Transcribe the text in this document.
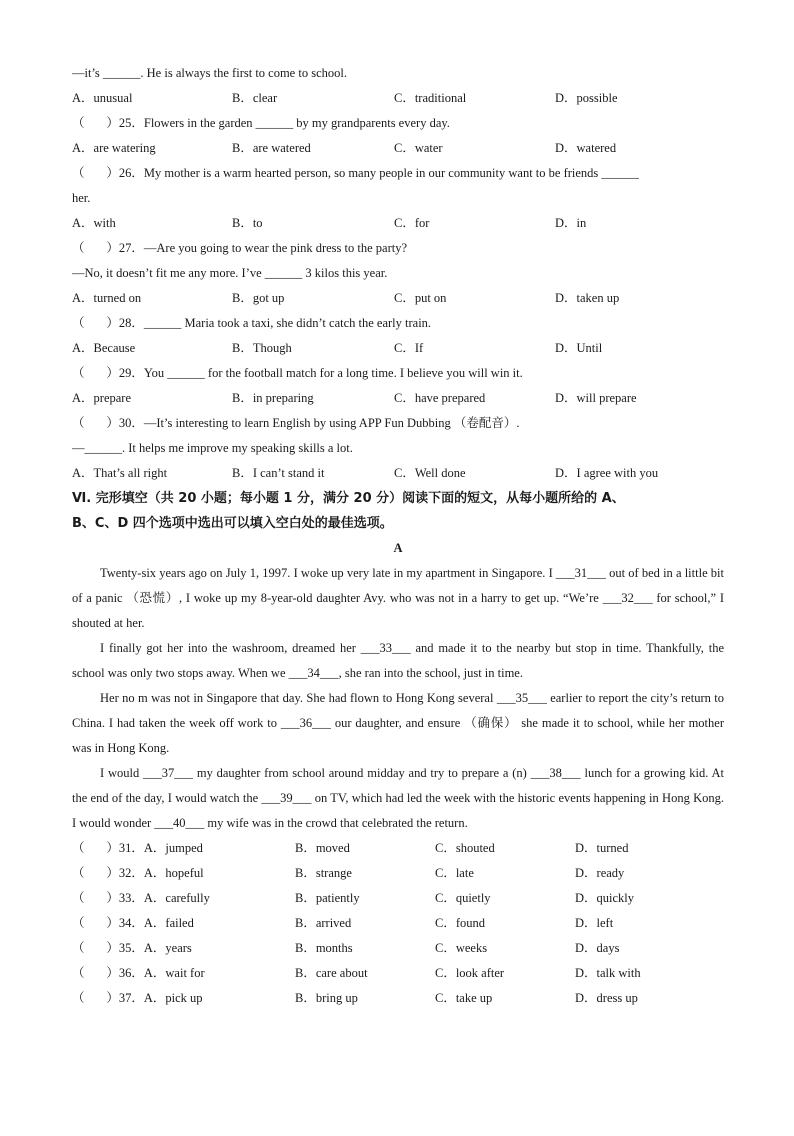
—it’s ______. He is always the first to come to school.

A．unusual

	B．clear

	C．traditional

	D．possible

（       ）25．Flowers in the garden ______ by my grandparents every day.

A．are watering

	B．are watered

	C．water

	D．watered

（       ）26．My mother is a warm hearted person, so many people in our community want to be friends ______
her.

A．with

	B．to

	C．for

	D．in

（       ）27．—Are you going to wear the pink dress to the party?
—No, it doesn’t fit me any more. I’ve ______ 3 kilos this year.

A．turned on

	B．got up

	C．put on

	D．taken up

（       ）28．______ Maria took a taxi, she didn’t catch the early train.

A．Because

	B．Though

	C．If

	D．Until

（       ）29．You ______ for the football match for a long time. I believe you will win it.

A．prepare

	B．in preparing

	C．have prepared

	D．will prepare

（       ）30．—It’s interesting to learn English by using APP Fun Dubbing （卷配音）.
—______. It helps me improve my speaking skills a lot.

A．That’s all right

	B．I can’t stand it

	C．Well done

	D．I agree with you

Ⅵ. 完形填空（共 20 小题；每小题 1 分，满分 20 分）阅读下面的短文，从每小题所给的 A、
B、C、D 四个选项中选出可以填入空白处的最佳选项。
A
Twenty-six years ago on July 1, 1997. I woke up very late in my apartment in Singapore. I ___31___ out of bed in a little bit of a panic （恐慌）, I woke up my 8-year-old daughter Avy. who was not in a harry to get up. “We’re ___32___ for school,” I shouted at her.
I finally got her into the washroom, dreamed her ___33___ and made it to the nearby but stop in time. Thankfully, the school was only two stops away. When we ___34___, she ran into the school, just in time.
Her no m was not in Singapore that day. She had flown to Hong Kong several ___35___ earlier to report the city’s return to China. I had taken the week off work to ___36___ our daughter, and ensure （确保） she made it to school, while her mother was in Hong Kong.
I would ___37___ my daughter from school around midday and try to prepare a (n) ___38___ lunch for a growing kid. At the end of the day, I would watch the ___39___ on TV, which had led the week with the historic events happening in Hong Kong. I would wonder ___40___ my wife was in the crowd that celebrated the return.

（       ）31．A．jumped

	B．moved

	C．shouted

	D．turned

（       ）32．A．hopeful

	B．strange

	C．late

	D．ready

（       ）33．A．carefully

	B．patiently

	C．quietly

	D．quickly

（       ）34．A．failed

	B．arrived

	C．found

	D．left

（       ）35．A．years

	B．months

	C．weeks

	D．days

（       ）36．A．wait for

	B．care about

	C．look after

	D．talk with

（       ）37．A．pick up

	B．bring up

	C．take up

	D．dress up
